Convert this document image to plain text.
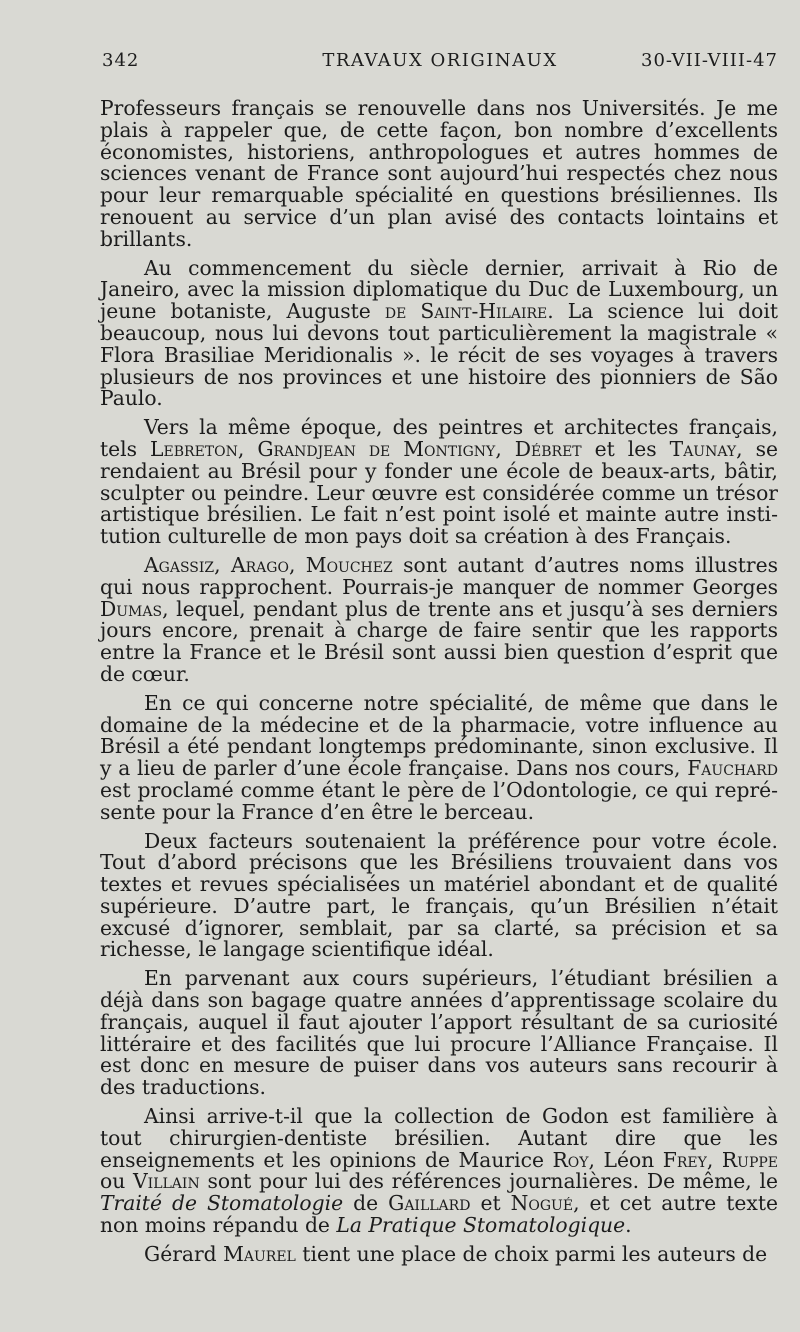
342	TRAVAUX ORIGINAUX	30-VII-VIII-47

Professeurs français se renouvelle dans nos Universités. Je me plais à rappeler que, de cette façon, bon nombre d’excellents économistes, historiens, anthropologues et autres hommes de sciences venant de France sont aujourd’hui respectés chez nous pour leur remarquable spécialité en questions brésiliennes. Ils renouent au service d’un plan avisé des contacts lointains et brillants.

Au commencement du siècle dernier, arrivait à Rio de Janeiro, avec la mission diplomatique du Duc de Luxembourg, un jeune botaniste, Auguste de Saint-Hilaire. La science lui doit beaucoup, nous lui devons tout particulièrement la magistrale « Flora Brasiliae Meridionalis ». le récit de ses voyages à travers plusieurs de nos provinces et une histoire des pionniers de São Paulo.

Vers la même époque, des peintres et architectes français, tels Lebreton, Grandjean de Montigny, Débret et les Taunay, se rendaient au Brésil pour y fonder une école de beaux-arts, bâtir, sculpter ou peindre. Leur œuvre est considérée comme un trésor artistique brésilien. Le fait n’est point isolé et mainte autre institution culturelle de mon pays doit sa création à des Français.

Agassiz, Arago, Mouchez sont autant d’autres noms illustres qui nous rapprochent. Pourrais-je manquer de nommer Georges Dumas, lequel, pendant plus de trente ans et jusqu’à ses derniers jours encore, prenait à charge de faire sentir que les rapports entre la France et le Brésil sont aussi bien question d’esprit que de cœur.

En ce qui concerne notre spécialité, de même que dans le domaine de la médecine et de la pharmacie, votre influence au Brésil a été pendant longtemps prédominante, sinon exclusive. Il y a lieu de parler d’une école française. Dans nos cours, Fauchard est proclamé comme étant le père de l’Odontologie, ce qui représente pour la France d’en être le berceau.

Deux facteurs soutenaient la préférence pour votre école. Tout d’abord précisons que les Brésiliens trouvaient dans vos textes et revues spécialisées un matériel abondant et de qualité supérieure. D’autre part, le français, qu’un Brésilien n’était excusé d’ignorer, semblait, par sa clarté, sa précision et sa richesse, le langage scientifique idéal.

En parvenant aux cours supérieurs, l’étudiant brésilien a déjà dans son bagage quatre années d’apprentissage scolaire du français, auquel il faut ajouter l’apport résultant de sa curiosité littéraire et des facilités que lui procure l’Alliance Française. Il est donc en mesure de puiser dans vos auteurs sans recourir à des traductions.

Ainsi arrive-t-il que la collection de Godon est familière à tout chirurgien-dentiste brésilien. Autant dire que les enseignements et les opinions de Maurice Roy, Léon Frey, Ruppe ou Villain sont pour lui des références journalières. De même, le Traité de Stomatologie de Gaillard et Nogué, et cet autre texte non moins répandu de La Pratique Stomatologique.

Gérard Maurel tient une place de choix parmi les auteurs de
